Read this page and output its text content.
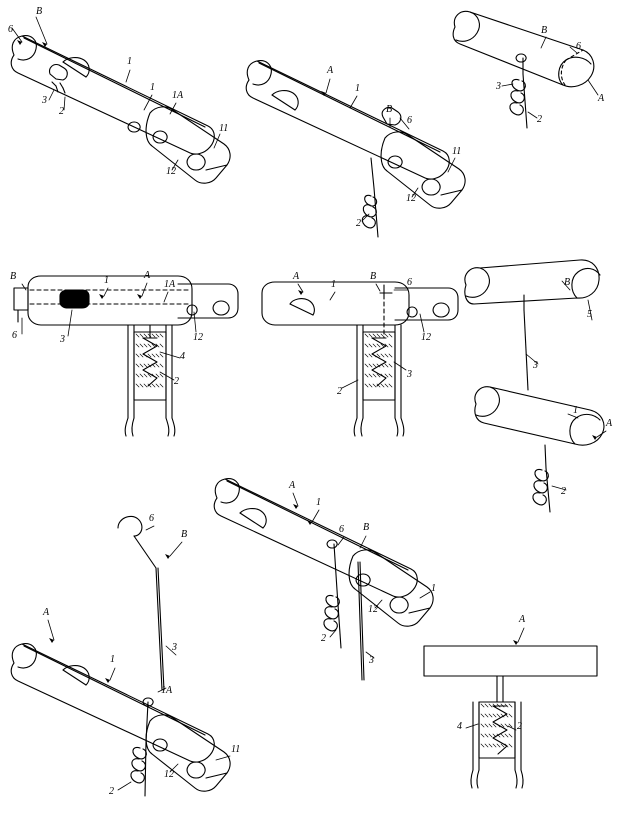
6
B
1
1
1A
3
2
11
12
A
1
B
6
11
12
2
B
6
3
A
2
B	1	A
1A
6	3	12
4
2
A
1
B
6
12
3
2
B
5
3
1
A
2
6
B
A
1
3
1A
11
12
2
A
1
6 B
1
12
2
3
A
4	2
